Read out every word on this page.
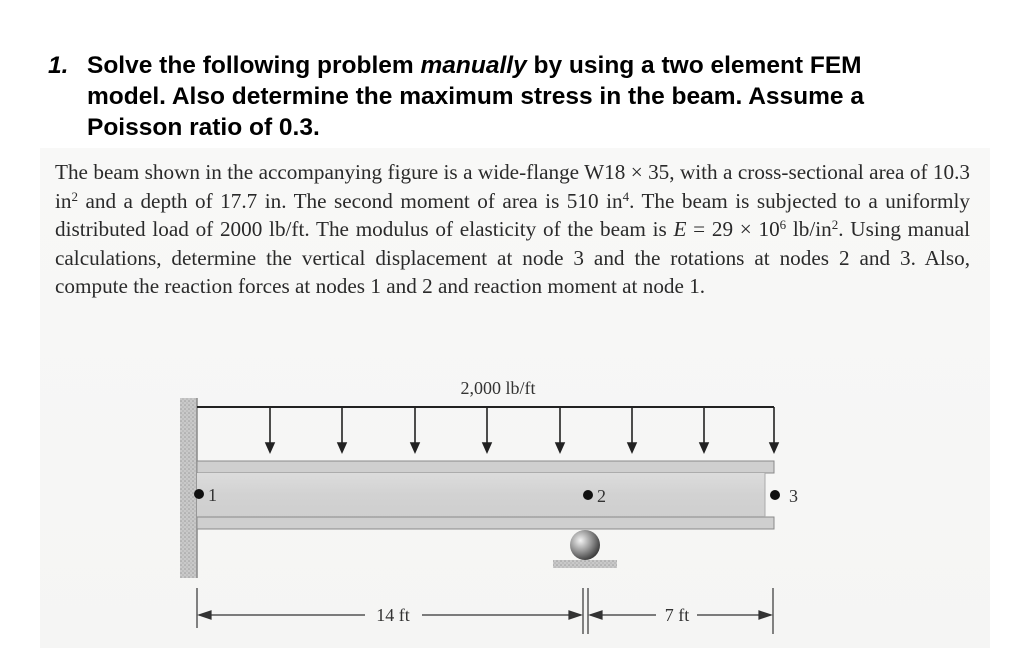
1. Solve the following problem manually by using a two element FEM
model. Also determine the maximum stress in the beam. Assume a
Poisson ratio of 0.3.
The beam shown in the accompanying figure is a wide-flange W18 × 35, with a cross-sectional area of 10.3 $in^2$ and a depth of 17.7 in. The second moment of area is 510 $in^4$. The beam is subjected to a uniformly distributed load of 2000 lb/ft. The modulus of elasticity of the beam is $E = 29 \times 10^6$ $lb/in^2$. Using manual calculations, determine the vertical displacement at node 3 and the rotations at nodes 2 and 3. Also, compute the reaction forces at nodes 1 and 2 and reaction moment at node 1.
2,000 lb/ft
1	2	3
14 ft	7 ft
